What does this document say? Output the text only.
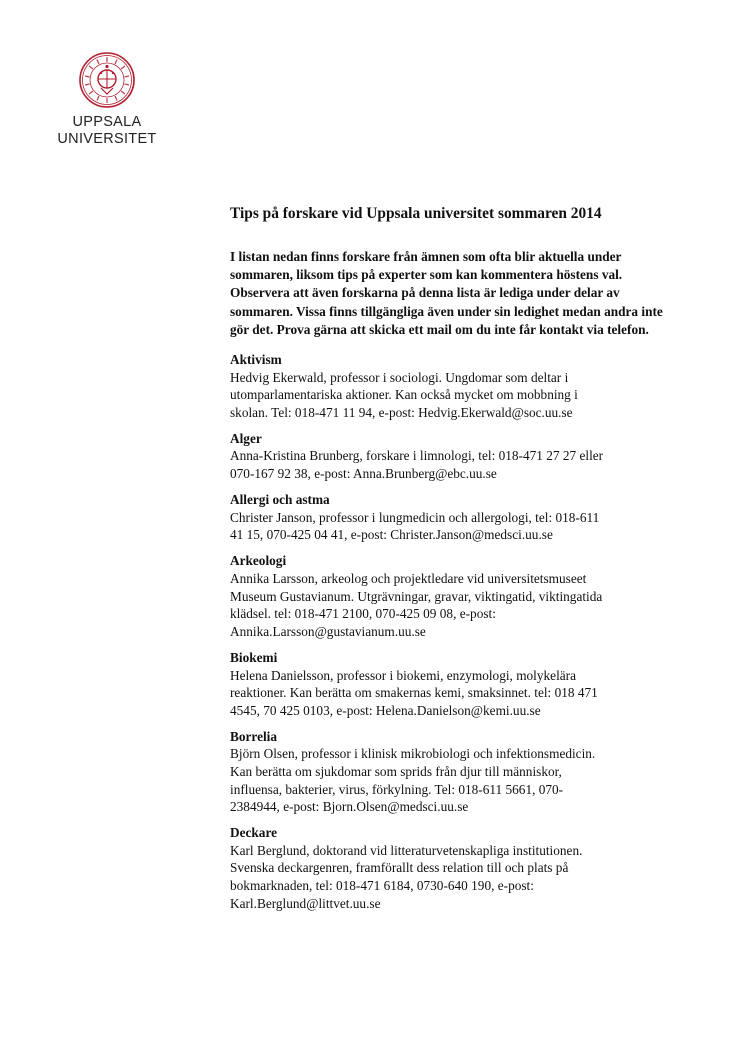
UPPSALA
UNIVERSITET
Tips på forskare vid Uppsala universitet sommaren 2014
I listan nedan finns forskare från ämnen som ofta blir aktuella under sommaren, liksom tips på experter som kan kommentera höstens val. Observera att även forskarna på denna lista är lediga under delar av sommaren. Vissa finns tillgängliga även under sin ledighet medan andra inte gör det. Prova gärna att skicka ett mail om du inte får kontakt via telefon.
Aktivism
Hedvig Ekerwald, professor i sociologi. Ungdomar som deltar i
utomparlamentariska aktioner. Kan också mycket om mobbning i
skolan. Tel: 018-471 11 94, e-post: Hedvig.Ekerwald@soc.uu.se
Alger
Anna-Kristina Brunberg, forskare i limnologi, tel: 018-471 27 27 eller
070-167 92 38, e-post: Anna.Brunberg@ebc.uu.se
Allergi och astma
Christer Janson, professor i lungmedicin och allergologi, tel: 018-611
41 15, 070-425 04 41, e-post: Christer.Janson@medsci.uu.se
Arkeologi
Annika Larsson, arkeolog och projektledare vid universitetsmuseet
Museum Gustavianum. Utgrävningar, gravar, viktingatid, viktingatida
klädsel. tel: 018-471 2100, 070-425 09 08, e-post:
Annika.Larsson@gustavianum.uu.se
Biokemi
Helena Danielsson, professor i biokemi, enzymologi, molykelära
reaktioner. Kan berätta om smakernas kemi, smaksinnet. tel: 018 471
4545, 70 425 0103, e-post: Helena.Danielson@kemi.uu.se
Borrelia
Björn Olsen, professor i klinisk mikrobiologi och infektionsmedicin.
Kan berätta om sjukdomar som sprids från djur till människor,
influensa, bakterier, virus, förkylning. Tel: 018-611 5661, 070-
2384944, e-post: Bjorn.Olsen@medsci.uu.se
Deckare
Karl Berglund, doktorand vid litteraturvetenskapliga institutionen.
Svenska deckargenren, framförallt dess relation till och plats på
bokmarknaden, tel: 018-471 6184, 0730-640 190, e-post:
Karl.Berglund@littvet.uu.se
